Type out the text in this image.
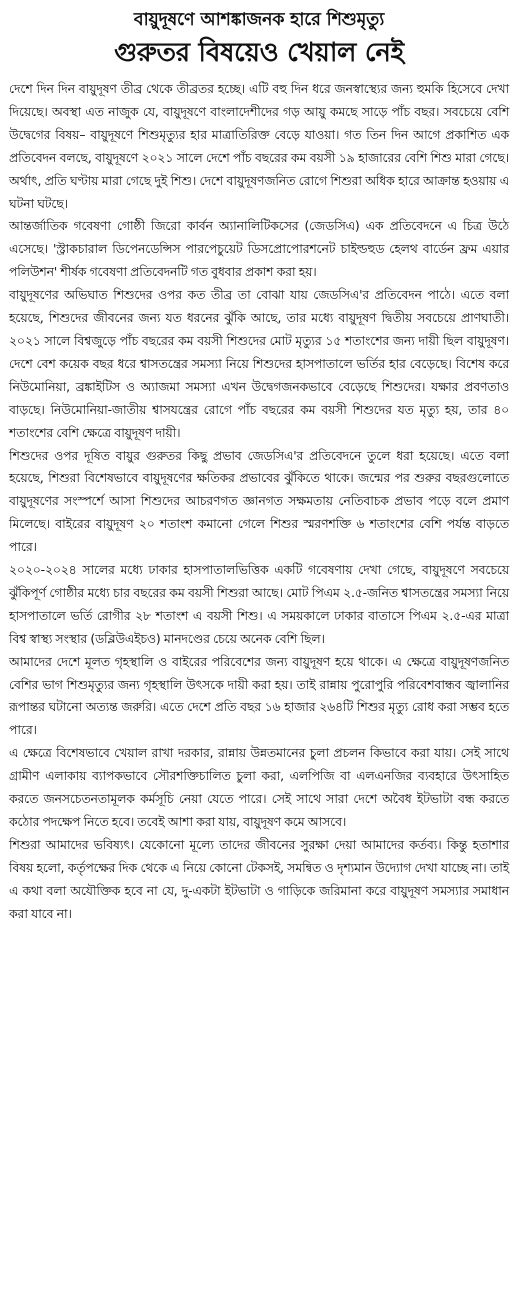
বায়ুদূষণে আশঙ্কাজনক হারে শিশুমৃত্যু
গুরুতর বিষয়েও খেয়াল নেই

দেশে দিন দিন বায়ুদূষণ তীব্র থেকে তীব্রতর হচ্ছে। এটি বহু দিন ধরে জনস্বাস্থ্যের জন্য হুমকি হিসেবে দেখা দিয়েছে। অবস্থা এত নাজুক যে, বায়ুদূষণে বাংলাদেশীদের গড় আয়ু কমছে সাড়ে পাঁচ বছর। সবচেয়ে বেশি উদ্বেগের বিষয়– বায়ুদূষণে শিশুমৃত্যুর হার মাত্রাতিরিক্ত বেড়ে যাওয়া। গত তিন দিন আগে প্রকাশিত এক প্রতিবেদন বলছে, বায়ুদূষণে ২০২১ সালে দেশে পাঁচ বছরের কম বয়সী ১৯ হাজারের বেশি শিশু মারা গেছে। অর্থাৎ, প্রতি ঘণ্টায় মারা গেছে দুই শিশু। দেশে বায়ুদূষণজনিত রোগে শিশুরা অধিক হারে আক্রান্ত হওয়ায় এ ঘটনা ঘটছে।

আন্তর্জাতিক গবেষণা গোষ্ঠী জিরো কার্বন অ্যানালিটিকসের (জেডসিএ) এক প্রতিবেদনে এ চিত্র উঠে এসেছে। 'স্ট্রাকচারাল ডিপেনডেন্সিস পারপেচুয়েট ডিসপ্রোপোরশনেট চাইল্ডহুড হেলথ বার্ডেন ফ্রম এয়ার পলিউশন' শীর্ষক গবেষণা প্রতিবেদনটি গত বুধবার প্রকাশ করা হয়।

বায়ুদূষণের অভিঘাত শিশুদের ওপর কত তীব্র তা বোঝা যায় জেডসিএ'র প্রতিবেদন পাঠে। এতে বলা হয়েছে, শিশুদের জীবনের জন্য যত ধরনের ঝুঁকি আছে, তার মধ্যে বায়ুদূষণ দ্বিতীয় সবচেয়ে প্রাণঘাতী। ২০২১ সালে বিশ্বজুড়ে পাঁচ বছরের কম বয়সী শিশুদের মোট মৃত্যুর ১৫ শতাংশের জন্য দায়ী ছিল বায়ুদূষণ। দেশে বেশ কয়েক বছর ধরে শ্বাসতন্ত্রের সমস্যা নিয়ে শিশুদের হাসপাতালে ভর্তির হার বেড়েছে। বিশেষ করে নিউমোনিয়া, ব্রঙ্কাইটিস ও অ্যাজমা সমস্যা এখন উদ্বেগজনকভাবে বেড়েছে শিশুদের। যক্ষার প্রবণতাও বাড়ছে। নিউমোনিয়া-জাতীয় শ্বাসযন্ত্রের রোগে পাঁচ বছরের কম বয়সী শিশুদের যত মৃত্যু হয়, তার ৪০ শতাংশের বেশি ক্ষেত্রে বায়ুদূষণ দায়ী।

শিশুদের ওপর দূষিত বায়ুর গুরুতর কিছু প্রভাব জেডসিএ'র প্রতিবেদনে তুলে ধরা হয়েছে। এতে বলা হয়েছে, শিশুরা বিশেষভাবে বায়ুদূষণের ক্ষতিকর প্রভাবের ঝুঁকিতে থাকে। জন্মের পর শুরুর বছরগুলোতে বায়ুদূষণের সংস্পর্শে আসা শিশুদের আচরণগত জ্ঞানগত সক্ষমতায় নেতিবাচক প্রভাব পড়ে বলে প্রমাণ মিলেছে। বাইরের বায়ুদূষণ ২০ শতাংশ কমানো গেলে শিশুর স্মরণশক্তি ৬ শতাংশের বেশি পর্যন্ত বাড়তে পারে।

২০২০-২০২৪ সালের মধ্যে ঢাকার হাসপাতালভিত্তিক একটি গবেষণায় দেখা গেছে, বায়ুদূষণে সবচেয়ে ঝুঁকিপূর্ণ গোষ্ঠীর মধ্যে চার বছরের কম বয়সী শিশুরা আছে। মোট পিএম ২.৫-জনিত শ্বাসতন্ত্রের সমস্যা নিয়ে হাসপাতালে ভর্তি রোগীর ২৮ শতাংশ এ বয়সী শিশু। এ সময়কালে ঢাকার বাতাসে পিএম ২.৫-এর মাত্রা বিশ্ব স্বাস্থ্য সংস্থার (ডব্লিউএইচও) মানদণ্ডের চেয়ে অনেক বেশি ছিল।

আমাদের দেশে মূলত গৃহস্থালি ও বাইরের পরিবেশের জন্য বায়ুদূষণ হয়ে থাকে। এ ক্ষেত্রে বায়ুদূষণজনিত বেশির ভাগ শিশুমৃত্যুর জন্য গৃহস্থালি উৎসকে দায়ী করা হয়। তাই রান্নায় পুরোপুরি পরিবেশবান্ধব জ্বালানির রূপান্তর ঘটানো অত্যন্ত জরুরি। এতে দেশে প্রতি বছর ১৬ হাজার ২৬৪টি শিশুর মৃত্যু রোধ করা সম্ভব হতে পারে।

এ ক্ষেত্রে বিশেষভাবে খেয়াল রাখা দরকার, রান্নায় উন্নতমানের চুলা প্রচলন কিভাবে করা যায়। সেই সাথে গ্রামীণ এলাকায় ব্যাপকভাবে সৌরশক্তিচালিত চুলা করা, এলপিজি বা এলএনজির ব্যবহারে উৎসাহিত করতে জনসচেতনতামূলক কর্মসূচি নেয়া যেতে পারে। সেই সাথে সারা দেশে অবৈধ ইটভাটা বন্ধ করতে কঠোর পদক্ষেপ নিতে হবে। তবেই আশা করা যায়, বায়ুদূষণ কমে আসবে।

শিশুরা আমাদের ভবিষ্যৎ। যেকোনো মূল্যে তাদের জীবনের সুরক্ষা দেয়া আমাদের কর্তব্য। কিন্তু হতাশার বিষয় হলো, কর্তৃপক্ষের দিক থেকে এ নিয়ে কোনো টেকসই, সমন্বিত ও দৃশ্যমান উদ্যোগ দেখা যাচ্ছে না। তাই এ কথা বলা অযৌক্তিক হবে না যে, দু-একটা ইটভাটা ও গাড়িকে জরিমানা করে বায়ুদূষণ সমস্যার সমাধান করা যাবে না।
